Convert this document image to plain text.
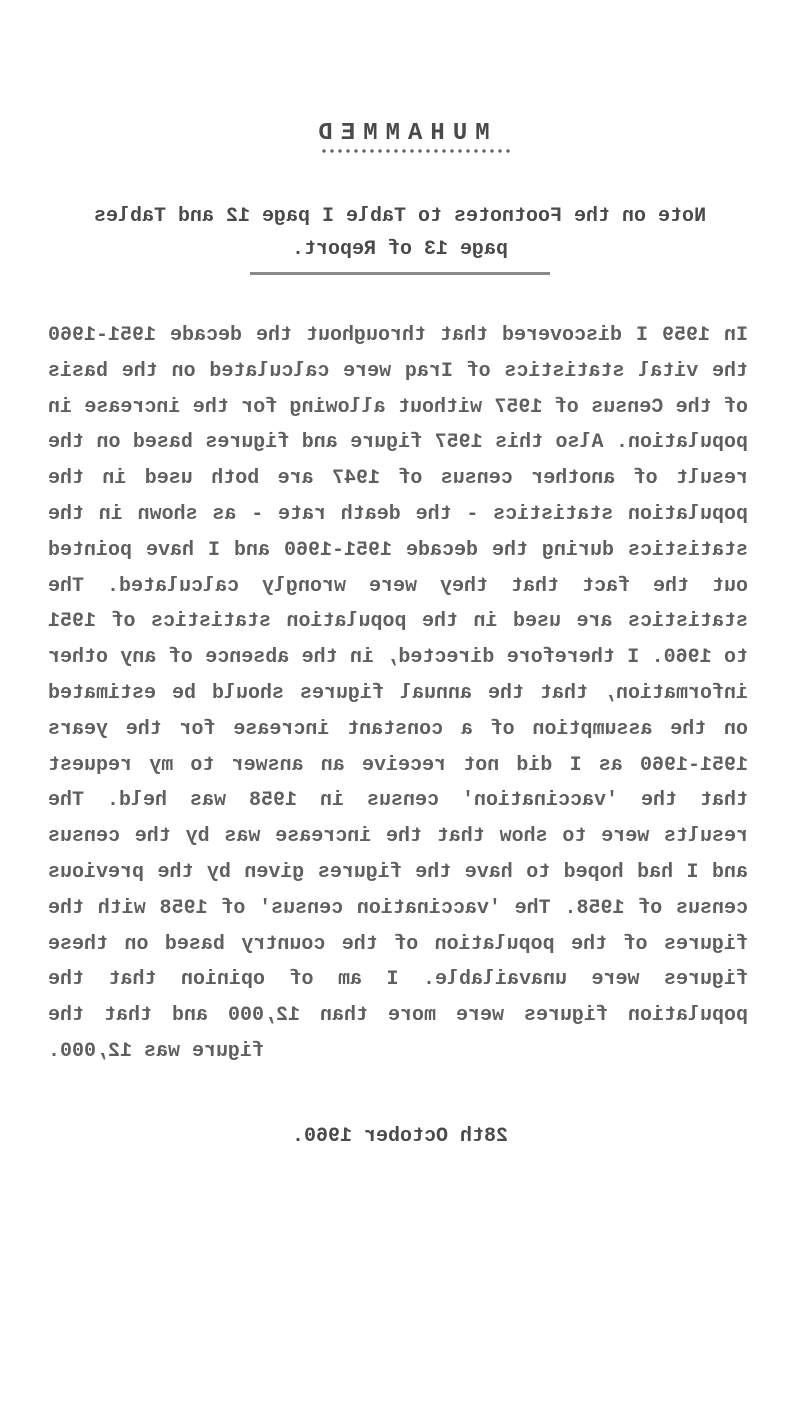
MUHAMMED
Note on the Footnotes to Table I page 12 and Tables page 13 of Report.
In 1959 I discovered that throughout the decade 1951-1960 the vital statistics of Iraq were calculated on the basis of the Census of 1957 without allowing for the increase in population. Also this 1957 figure and figures based on the result of another census of 1947 are both used in the population statistics - the death rate - as shown in the statistics during the decade 1951-1960 and I have pointed out the fact that they were wrongly calculated. The statistics are used in the population statistics of 1951 to 1960. I therefore directed, in the absence of any other information, that the annual figures should be estimated on the assumption of a constant increase for the years 1951-1960 as I did not receive an answer to my request that the 'vaccination' census in 1958 was held. The results were to show that the increase was by the census and I had hoped to have the figures given by the previous census of 1958. The 'vaccination census' of 1958 with the figures of the population of the country based on these figures were unavailable. I am of opinion that the population figures were more than 12,000 and that the figure was 12,000.
28th October 1960.
